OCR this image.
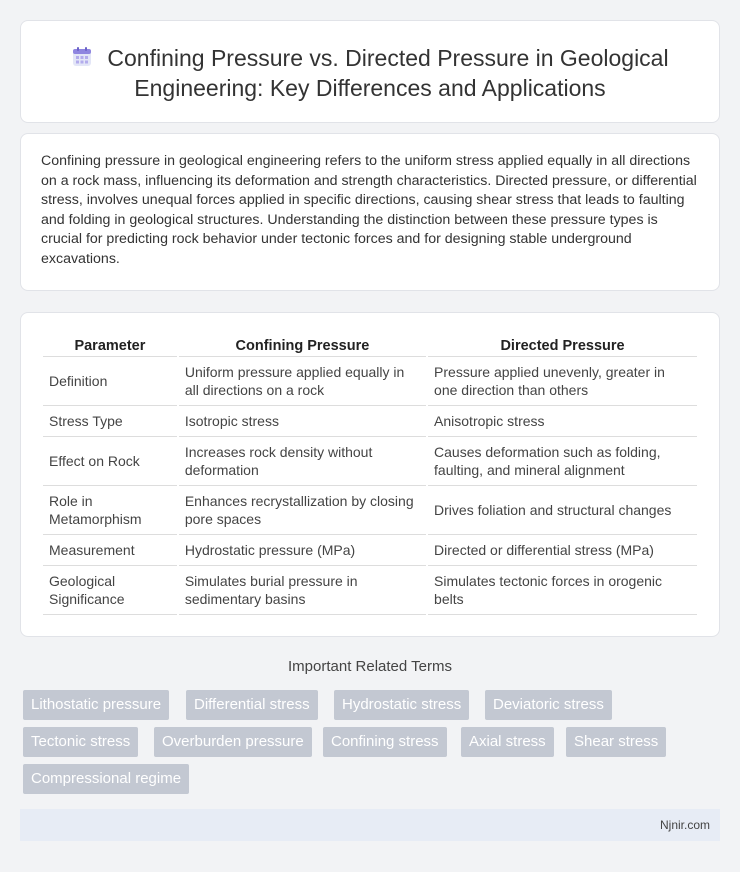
Confining Pressure vs. Directed Pressure in Geological Engineering: Key Differences and Applications

Confining pressure in geological engineering refers to the uniform stress applied equally in all directions on a rock mass, influencing its deformation and strength characteristics. Directed pressure, or differential stress, involves unequal forces applied in specific directions, causing shear stress that leads to faulting and folding in geological structures. Understanding the distinction between these pressure types is crucial for predicting rock behavior under tectonic forces and for designing stable underground excavations.

Parameter	Confining Pressure	Directed Pressure
Definition	Uniform pressure applied equally in all directions on a rock	Pressure applied unevenly, greater in one direction than others
Stress Type	Isotropic stress	Anisotropic stress
Effect on Rock	Increases rock density without deformation	Causes deformation such as folding, faulting, and mineral alignment
Role in Metamorphism	Enhances recrystallization by closing pore spaces	Drives foliation and structural changes
Measurement	Hydrostatic pressure (MPa)	Directed or differential stress (MPa)
Geological Significance	Simulates burial pressure in sedimentary basins	Simulates tectonic forces in orogenic belts
Important Related Terms
Lithostatic pressure	Differential stress	Hydrostatic stress	Deviatoric stress
Tectonic stress	Overburden pressure	Confining stress	Axial stress	Shear stress
Compressional regime
Njnir.com
